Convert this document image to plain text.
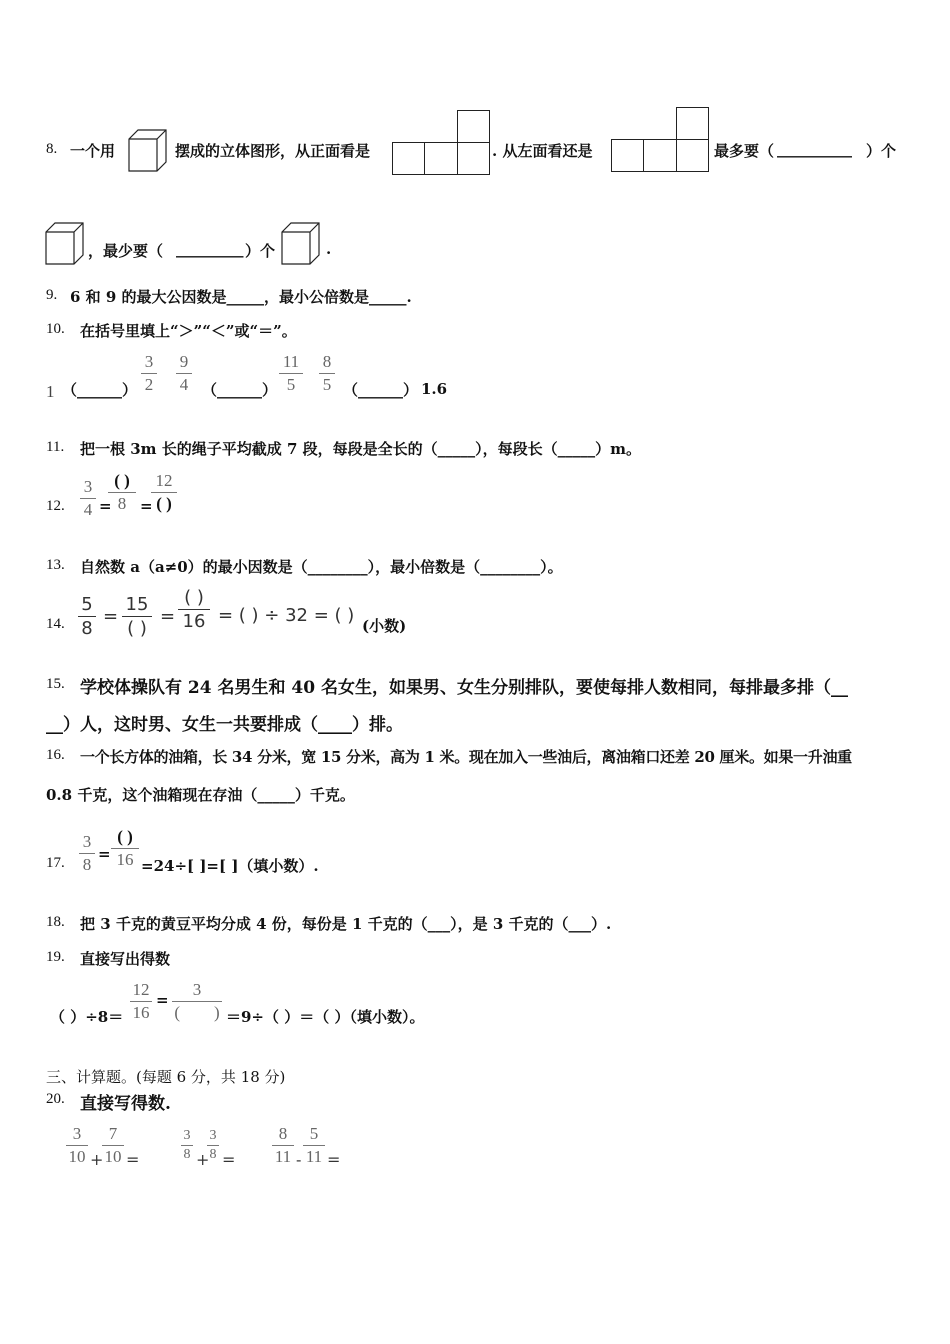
8. 一个用	摆成的立体图形，从正面看是	. 从左面看还是	最多要（ __________ ）个
，最少要（ _________ ）个	.
9. 6 和 9 的最大公因数是_____，最小公倍数是_____.
10. 在括号里填上“＞”“＜”或“＝”。
1 （______）
3
2
9
4 （______）
11
5
8
5 （______） 1.6
11. 把一根 3m 长的绳子平均截成 7 段，每段是全长的（_____），每段长（_____）m。
12.
3
4 =
( )
8 =
12
( )
13. 自然数 a（a≠0）的最小因数是（________），最小倍数是（________）。
14.
5
8
=
15
( )
=
( )
16 = ( ) ÷ 32 = ( ) (小数)
15. 学校体操队有 24 名男生和 40 名女生，如果男、女生分别排队，要使每排人数相同，每排最多排（__
__）人，这时男、女生一共要排成（____）排。
16. 一个长方体的油箱，长 34 分米，宽 15 分米，高为 1 米。现在加入一些油后，离油箱口还差 20 厘米。如果一升油重
0.8 千克，这个油箱现在存油（_____）千克。
17.
3
8
=
( )
16 =24÷[ ]=[ ]（填小数）.
18. 把 3 千克的黄豆平均分成 4 份，每份是 1 千克的（___），是 3 千克的（___）.
19. 直接写出得数
（ ）÷8＝
12
16
=
3
(        ) ＝9÷（ ）＝（ ）（填小数）。
三、计算题。(每题 6 分，共 18 分)
20. 直接写得数.
3
10 +
7
10 =
3
8 +
3
8 =
8
11 -
5
11 =
